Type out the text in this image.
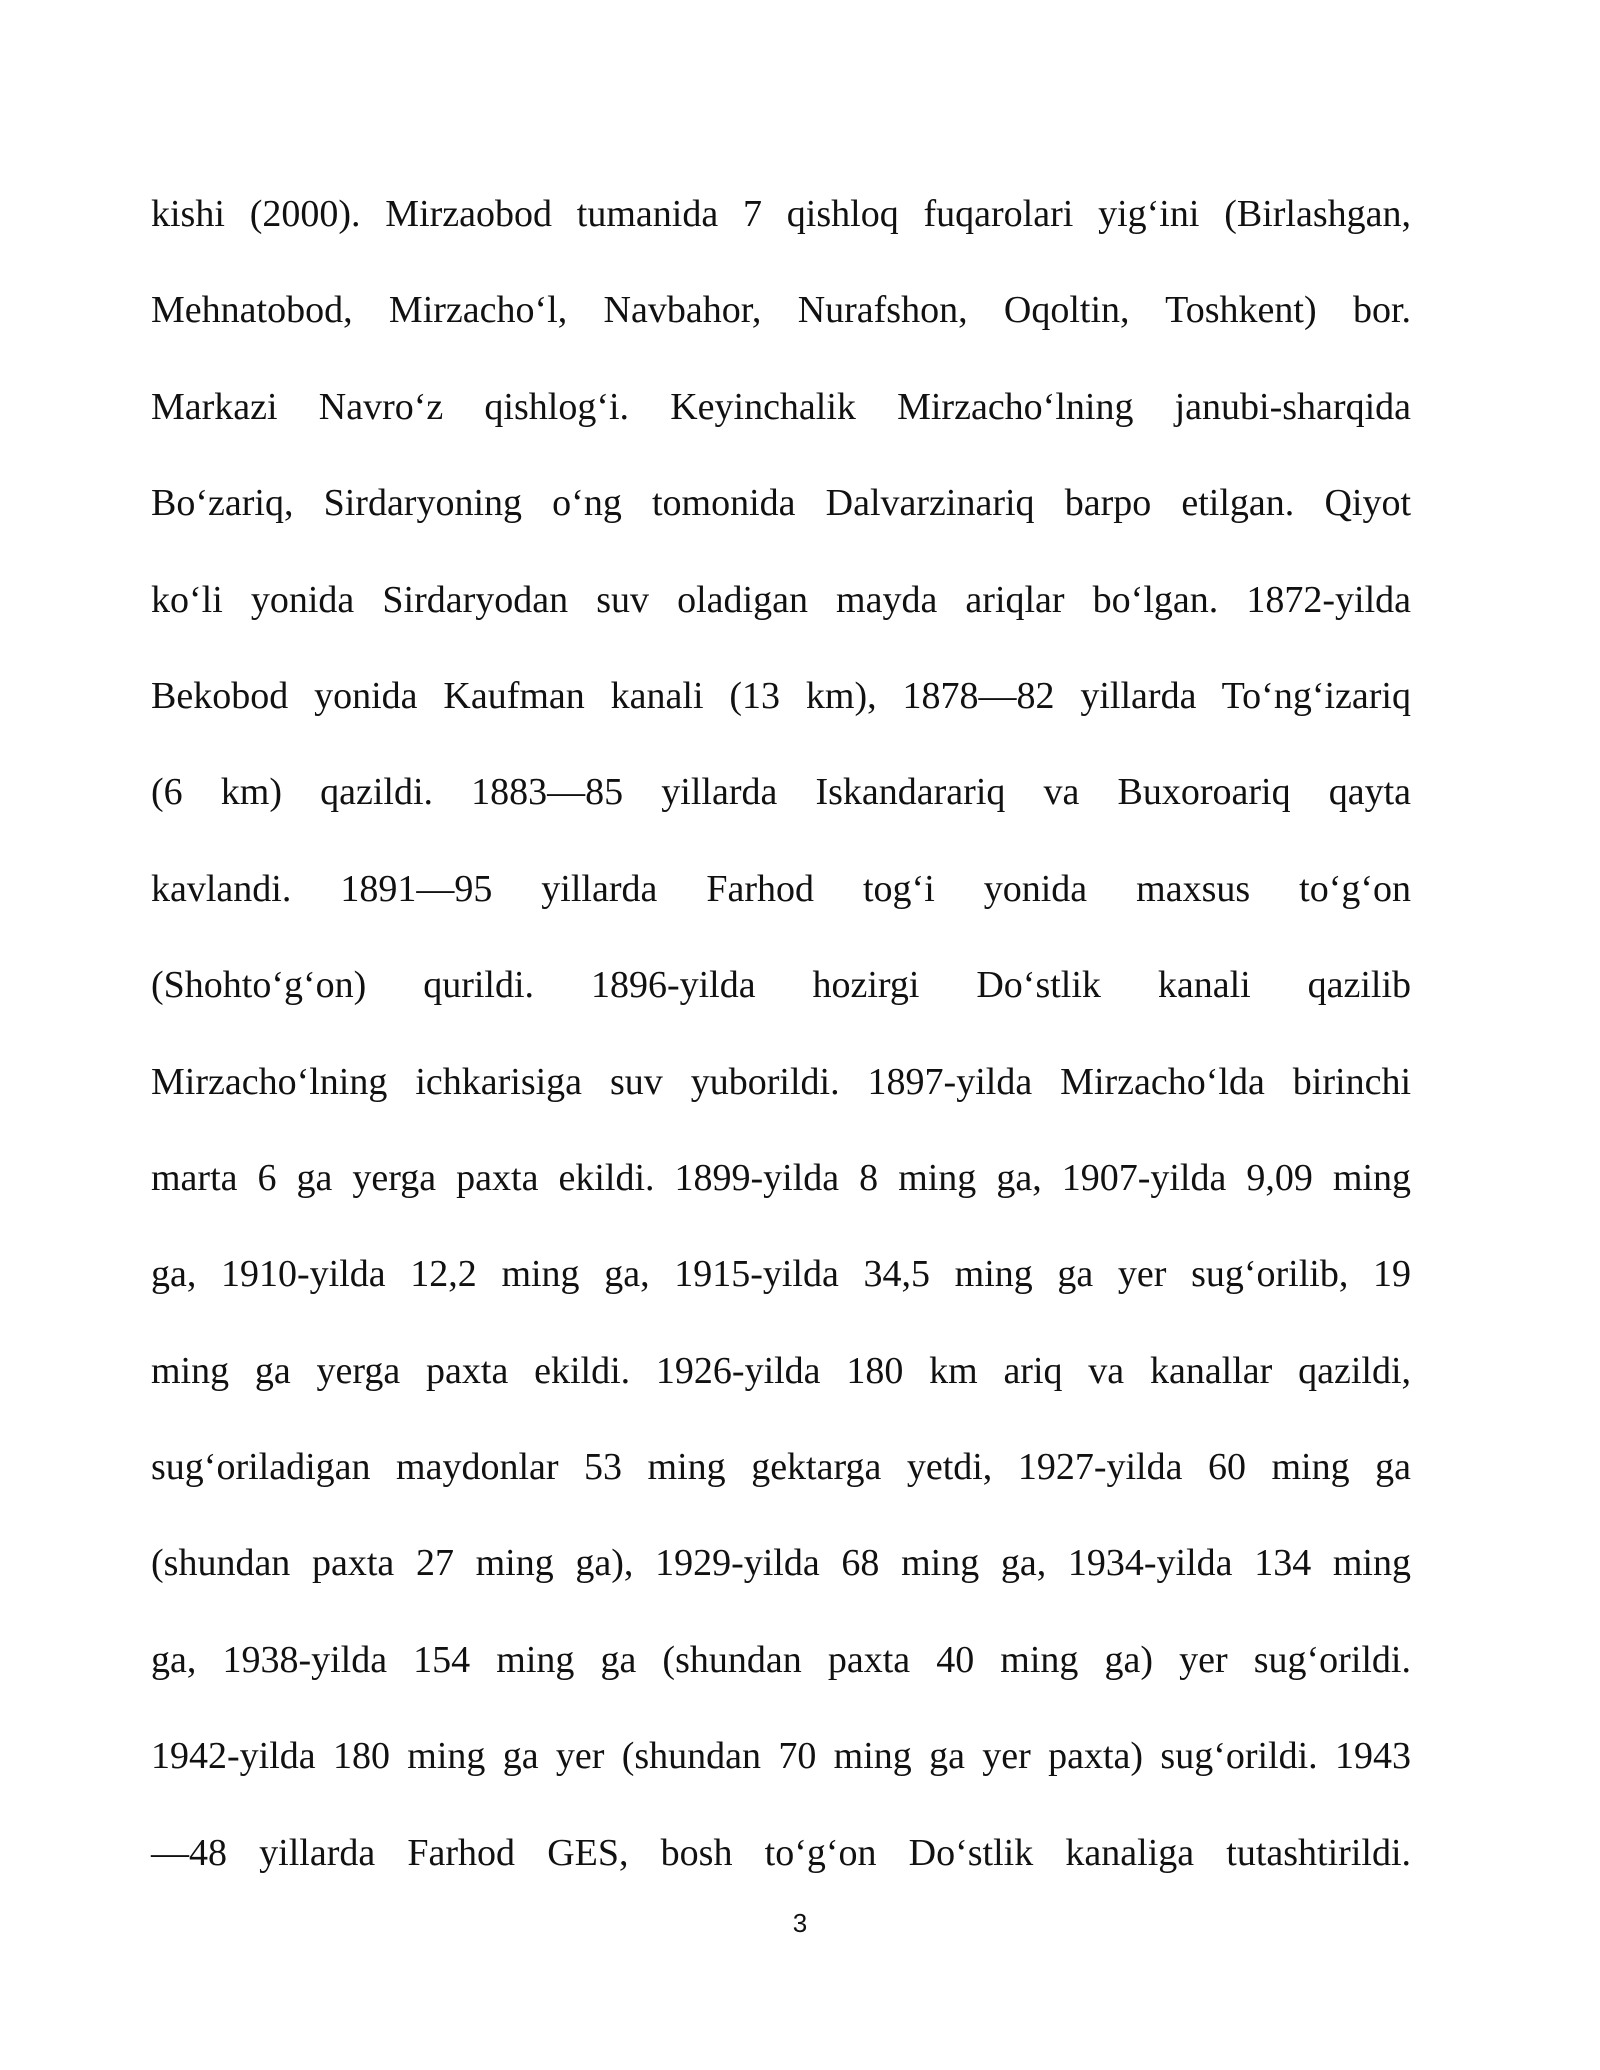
kishi (2000). Mirzaobod tumanida 7 qishloq fuqarolari yig‘ini (Birlashgan,
Mehnatobod, Mirzacho‘l, Navbahor, Nurafshon, Oqoltin, Toshkent) bor.
Markazi Navro‘z qishlog‘i. Keyinchalik Mirzacho‘lning janubi-sharqida
Bo‘zariq, Sirdaryoning o‘ng tomonida Dalvarzinariq barpo etilgan. Qiyot
ko‘li yonida Sirdaryodan suv oladigan mayda ariqlar bo‘lgan. 1872-yilda
Bekobod yonida Kaufman kanali (13 km), 1878—82 yillarda To‘ng‘izariq
(6 km) qazildi. 1883—85 yillarda Iskandarariq va Buxoroariq qayta
kavlandi. 1891—95 yillarda Farhod tog‘i yonida maxsus to‘g‘on
(Shohto‘g‘on) qurildi. 1896-yilda hozirgi Do‘stlik kanali qazilib
Mirzacho‘lning ichkarisiga suv yuborildi. 1897-yilda Mirzacho‘lda birinchi
marta 6 ga yerga paxta ekildi. 1899-yilda 8 ming ga, 1907-yilda 9,09 ming
ga, 1910-yilda 12,2 ming ga, 1915-yilda 34,5 ming ga yer sug‘orilib, 19
ming ga yerga paxta ekildi. 1926-yilda 180 km ariq va kanallar qazildi,
sug‘oriladigan maydonlar 53 ming gektarga yetdi, 1927-yilda 60 ming ga
(shundan paxta 27 ming ga), 1929-yilda 68 ming ga, 1934-yilda 134 ming
ga, 1938-yilda 154 ming ga (shundan paxta 40 ming ga) yer sug‘orildi.
1942-yilda 180 ming ga yer (shundan 70 ming ga yer paxta) sug‘orildi. 1943
—48 yillarda Farhod GES, bosh to‘g‘on Do‘stlik kanaliga tutashtirildi.
3
